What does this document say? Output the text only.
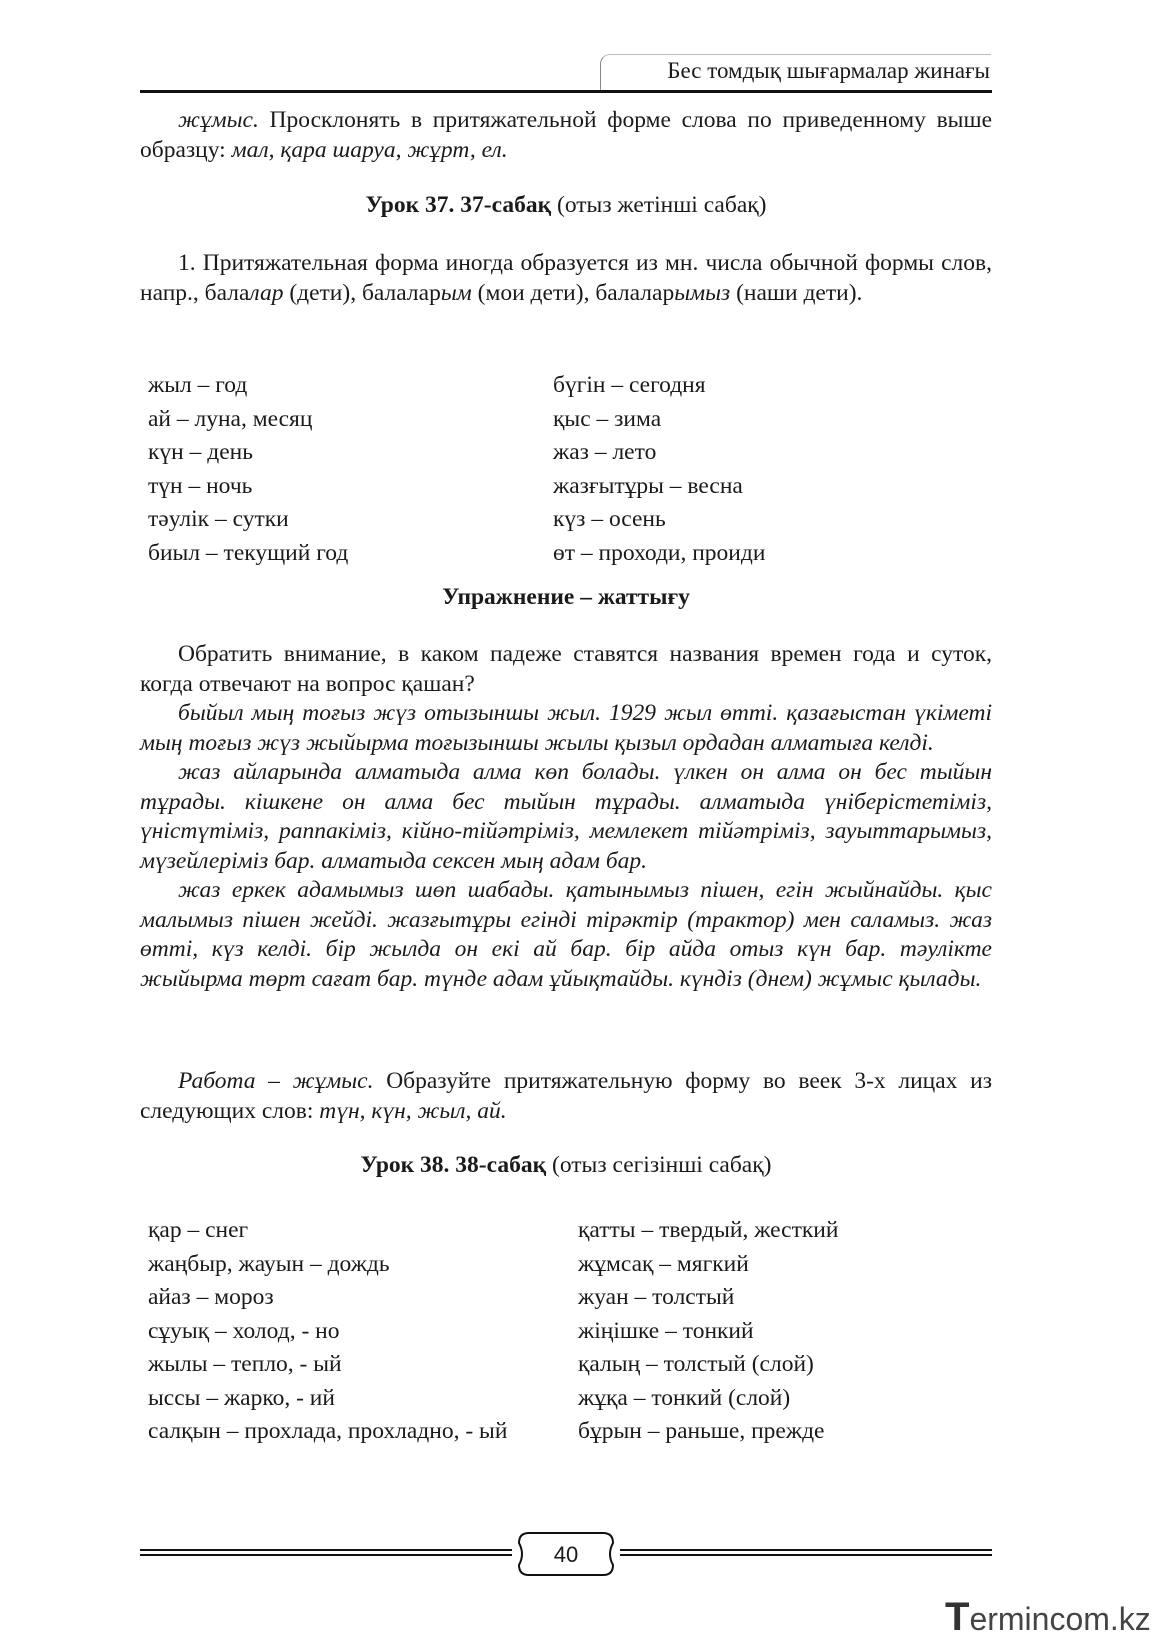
Бес томдық шығармалар жинағы
жұмыс. Просклонять в притяжательной форме слова по приведенному выше образцу: мал, қара шаруа, жұрт, ел.
Урок 37. 37-сабақ (отыз жетінші сабақ)
1. Притяжательная форма иногда образуется из мн. числа обычной формы слов, напр., балалар (дети), балаларым (мои дети), балаларымыз (наши дети).
жыл – год	бүгін – сегодня
ай – луна, месяц	қыс – зима
күн – день	жаз – лето
түн – ночь	жазғытұры – весна
тәулік – сутки	күз – осень
биыл – текущий год	өт – проходи, проиди
Упражнение – жаттығу
Обратить внимание, в каком падеже ставятся названия времен года и суток, когда отвечают на вопрос қашан?
быйыл мың тоғыз жүз отызыншы жыл. 1929 жыл өтті. қазағыстан үкіметі мың тоғыз жүз жыйырма тоғызыншы жылы қызыл ордадан алматыға келді.
жаз айларында алматыда алма көп болады. үлкен он алма он бес тыйын тұрады. кішкене он алма бес тыйын тұрады. алматыда үніберістетіміз, үністүтіміз, раппакіміз, кійно-тійәтріміз, мемлекет тійәтріміз, зауыттарымыз, мүзейлеріміз бар. алматыда сексен мың адам бар.
жаз еркек адамымыз шөп шабады. қатынымыз пішен, егін жыйнайды. қыс малымыз пішен жейді. жазғытұры егінді тірәктір (трактор) мен саламыз. жаз өтті, күз келді. бір жылда он екі ай бар. бір айда отыз күн бар. тәулікте жыйырма төрт сағат бар. түнде адам ұйықтайды. күндіз (днем) жұмыс қылады.
Работа – жұмыс. Образуйте притяжательную форму во веек 3-х лицах из следующих слов: түн, күн, жыл, ай.
Урок 38. 38-сабақ (отыз сегізінші сабақ)
қар – снег	қатты – твердый, жесткий
жаңбыр, жауын – дождь	жұмсақ – мягкий
айаз – мороз	жуан – толстый
сұуық – холод, - но	жіңішке – тонкий
жылы – тепло, - ый	қалың – толстый (слой)
ыссы – жарко, - ий	жұқа – тонкий (слой)
салқын – прохлада, прохладно, - ый	бұрын – раньше, прежде
40
Termincom.kz
